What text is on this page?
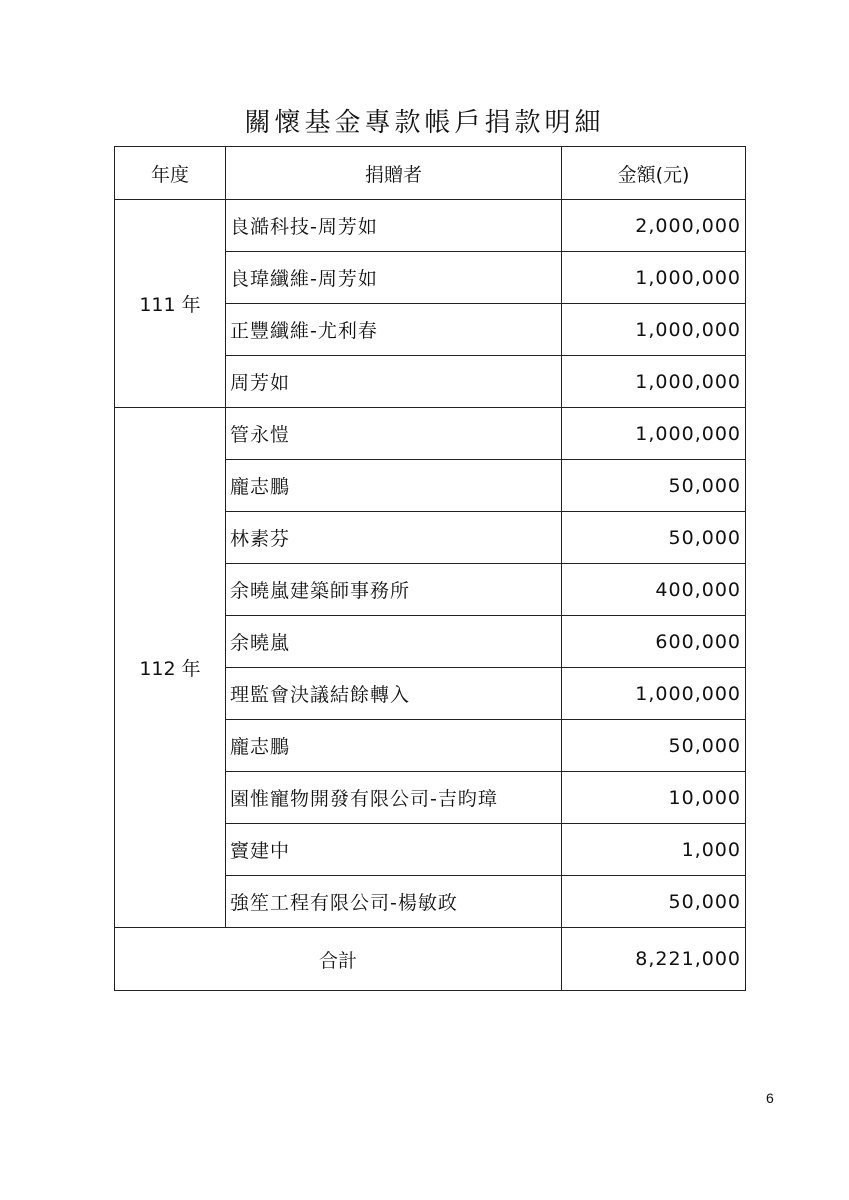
關懷基金專款帳戶捐款明細
年度	捐贈者	金額(元)
111 年	良澔科技-周芳如	2,000,000
	良瑋纖維-周芳如	1,000,000
	正豐纖維-尤利春	1,000,000
	周芳如	1,000,000
112 年	管永愷	1,000,000
	龐志鵬	50,000
	林素芬	50,000
	余曉嵐建築師事務所	400,000
	余曉嵐	600,000
	理監會決議結餘轉入	1,000,000
	龐志鵬	50,000
	園惟寵物開發有限公司-吉昀璋	10,000
	竇建中	1,000
	強笙工程有限公司-楊敏政	50,000
合計		8,221,000
6
